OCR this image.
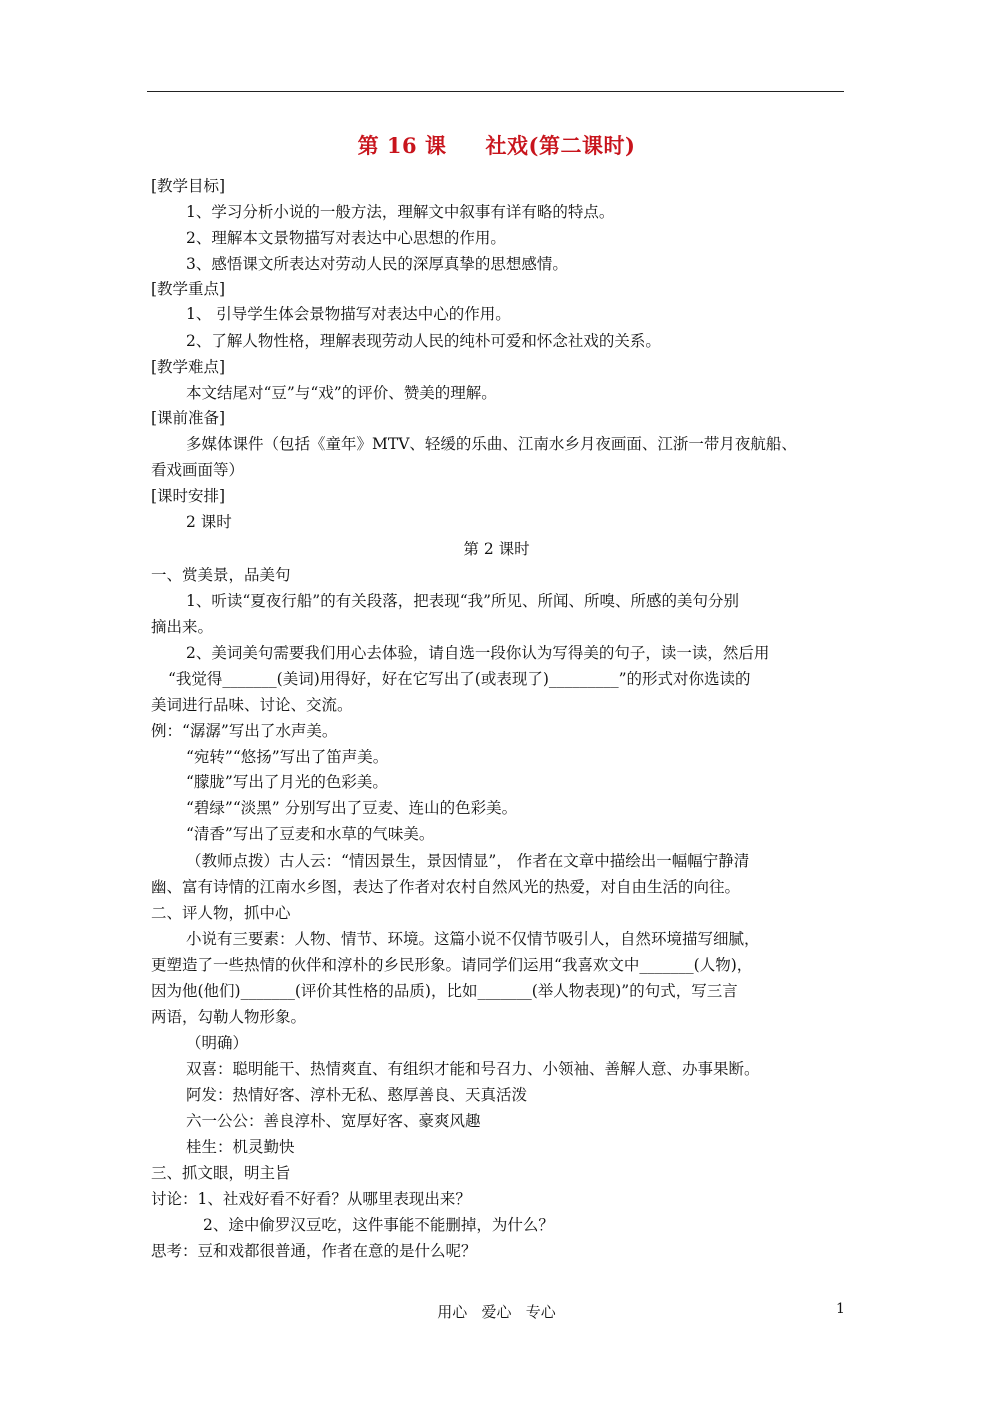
第 16 课     社戏(第二课时)
[教学目标]
1、学习分析小说的一般方法，理解文中叙事有详有略的特点。
2、理解本文景物描写对表达中心思想的作用。
3、感悟课文所表达对劳动人民的深厚真挚的思想感情。
[教学重点]
1、 引导学生体会景物描写对表达中心的作用。
2、了解人物性格，理解表现劳动人民的纯朴可爱和怀念社戏的关系。
[教学难点]
本文结尾对“豆”与“戏”的评价、赞美的理解。
[课前准备]
多媒体课件（包括《童年》MTV、轻缓的乐曲、江南水乡月夜画面、江浙一带月夜航船、
看戏画面等）
[课时安排]
2 课时
第 2 课时
一、赏美景，品美句
1、听读“夏夜行船”的有关段落，把表现“我”所见、所闻、所嗅、所感的美句分别
摘出来。
2、美词美句需要我们用心去体验，请自选一段你认为写得美的句子，读一读，然后用
“我觉得_______(美词)用得好，好在它写出了(或表现了)_________”的形式对你选读的
美词进行品味、讨论、交流。
例：“潺潺”写出了水声美。
“宛转”“悠扬”写出了笛声美。
“朦胧”写出了月光的色彩美。
“碧绿”“淡黑” 分别写出了豆麦、连山的色彩美。
“清香”写出了豆麦和水草的气味美。
（教师点拨）古人云：“情因景生，景因情显”， 作者在文章中描绘出一幅幅宁静清
幽、富有诗情的江南水乡图，表达了作者对农村自然风光的热爱，对自由生活的向往。
二、评人物，抓中心
小说有三要素：人物、情节、环境。这篇小说不仅情节吸引人，自然环境描写细腻，
更塑造了一些热情的伙伴和淳朴的乡民形象。请同学们运用“我喜欢文中_______(人物)，
因为他(他们)_______(评价其性格的品质)，比如_______(举人物表现)”的句式，写三言
两语，勾勒人物形象。
（明确）
双喜：聪明能干、热情爽直、有组织才能和号召力、小领袖、善解人意、办事果断。
阿发：热情好客、淳朴无私、憨厚善良、天真活泼
六一公公：善良淳朴、宽厚好客、豪爽风趣
桂生：机灵勤快
三、抓文眼，明主旨
讨论：1、社戏好看不好看？从哪里表现出来？
2、途中偷罗汉豆吃，这件事能不能删掉，为什么？
思考：豆和戏都很普通，作者在意的是什么呢？
用心   爱心   专心	1
